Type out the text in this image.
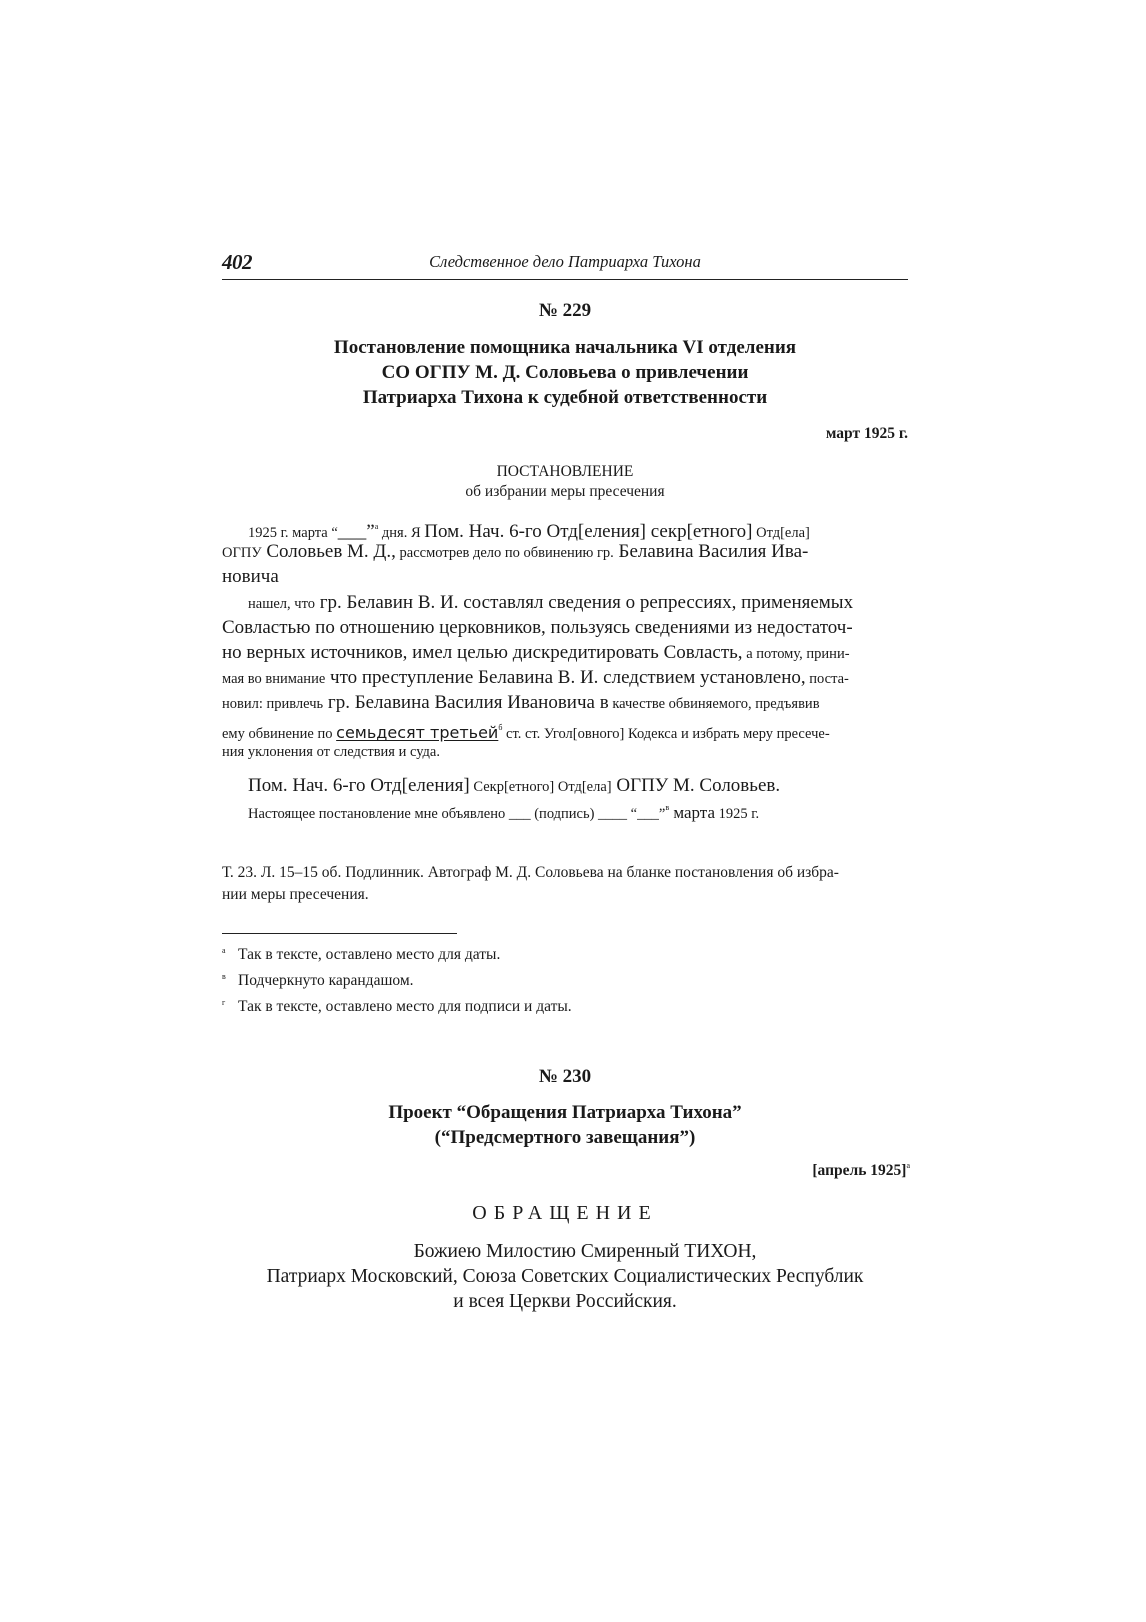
402	Следственное дело Патриарха Тихона
№ 229
Постановление помощника начальника VI отделения
СО ОГПУ М. Д. Соловьева о привлечении
Патриарха Тихона к судебной ответственности
март 1925 г.
ПОСТАНОВЛЕНИЕ
об избрании меры пресечения
1925 г. марта “___”$^а$ дня. Я Пом. Нач. 6-го Отд[еления] секр[етного] Отд[ела]
ОГПУ Соловьев М. Д., рассмотрев дело по обвинению гр. Белавина Василия Ива-
новича
нашел, что гр. Белавин В. И. составлял сведения о репрессиях, применяемых
Совластью по отношению церковников, пользуясь сведениями из недостаточ-
но верных источников, имел целью дискредитировать Совласть, а потому, прини-
мая во внимание что преступление Белавина В. И. следствием установлено, поста-
новил: привлечь гр. Белавина Василия Ивановича в качестве обвиняемого, предъявив
ему обвинение по семьдесят третьей$^б$ ст. ст. Угол[овного] Кодекса и избрать меру пресече-
ния уклонения от следствия и суда.
Пом. Нач. 6-го Отд[еления] Секр[етного] Отд[ела] ОГПУ М. Соловьев.
Настоящее постановление мне объявлено ___ (подпись) ____ “___”$^в$ марта 1925 г.
Т. 23. Л. 15–15 об. Подлинник. Автограф М. Д. Соловьева на бланке постановления об избра-
нии меры пресечения.
а Так в тексте, оставлено место для даты.
в Подчеркнуто карандашом.
г Так в тексте, оставлено место для подписи и даты.
№ 230
Проект “Обращения Патриарха Тихона”
(“Предсмертного завещания”)
[апрель 1925]$^а$
ОБРАЩЕНИЕ
Божиею Милостию Смиренный ТИХОН,
Патриарх Московский, Союза Советских Социалистических Республик
и всея Церкви Российския.
